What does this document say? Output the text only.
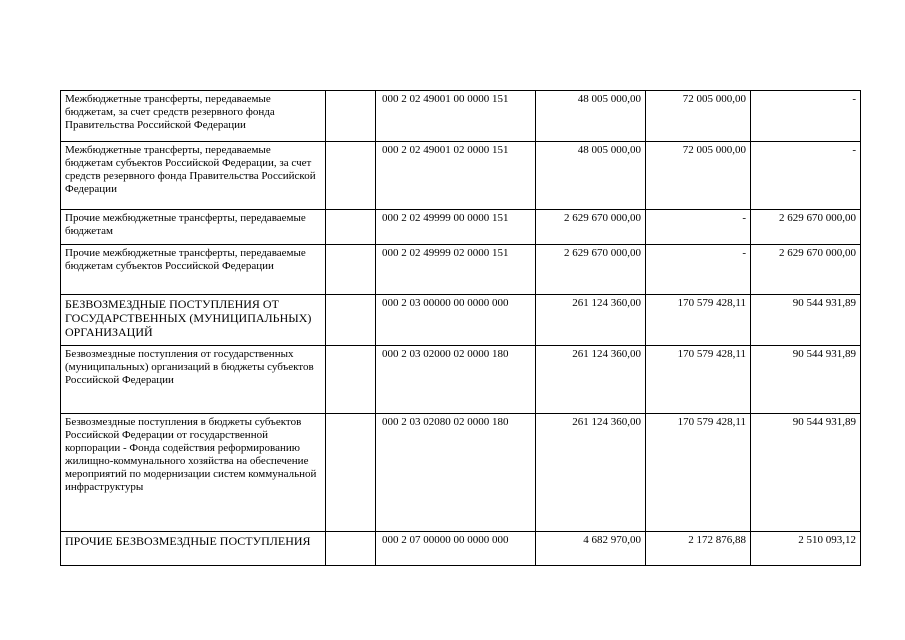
Межбюджетные трансферты, передаваемые бюджетам, за счет средств резервного фонда Правительства Российской Федерации		000 2 02 49001 00 0000 151	48 005 000,00	72 005 000,00	-
Межбюджетные трансферты, передаваемые бюджетам субъектов Российской Федерации, за счет средств резервного фонда Правительства Российской Федерации		000 2 02 49001 02 0000 151	48 005 000,00	72 005 000,00	-
Прочие межбюджетные трансферты, передаваемые бюджетам		000 2 02 49999 00 0000 151	2 629 670 000,00	-	2 629 670 000,00
Прочие межбюджетные трансферты, передаваемые бюджетам субъектов Российской Федерации		000 2 02 49999 02 0000 151	2 629 670 000,00	-	2 629 670 000,00
БЕЗВОЗМЕЗДНЫЕ ПОСТУПЛЕНИЯ ОТ ГОСУДАРСТВЕННЫХ (МУНИЦИПАЛЬНЫХ) ОРГАНИЗАЦИЙ		000 2 03 00000 00 0000 000	261 124 360,00	170 579 428,11	90 544 931,89
Безвозмездные поступления от государственных (муниципальных) организаций в бюджеты субъектов Российской Федерации		000 2 03 02000 02 0000 180	261 124 360,00	170 579 428,11	90 544 931,89
Безвозмездные поступления в бюджеты субъектов Российской Федерации от государственной корпорации - Фонда содействия реформированию жилищно-коммунального хозяйства на обеспечение мероприятий по модернизации систем коммунальной инфраструктуры		000 2 03 02080 02 0000 180	261 124 360,00	170 579 428,11	90 544 931,89
ПРОЧИЕ БЕЗВОЗМЕЗДНЫЕ ПОСТУПЛЕНИЯ		000 2 07 00000 00 0000 000	4 682 970,00	2 172 876,88	2 510 093,12
